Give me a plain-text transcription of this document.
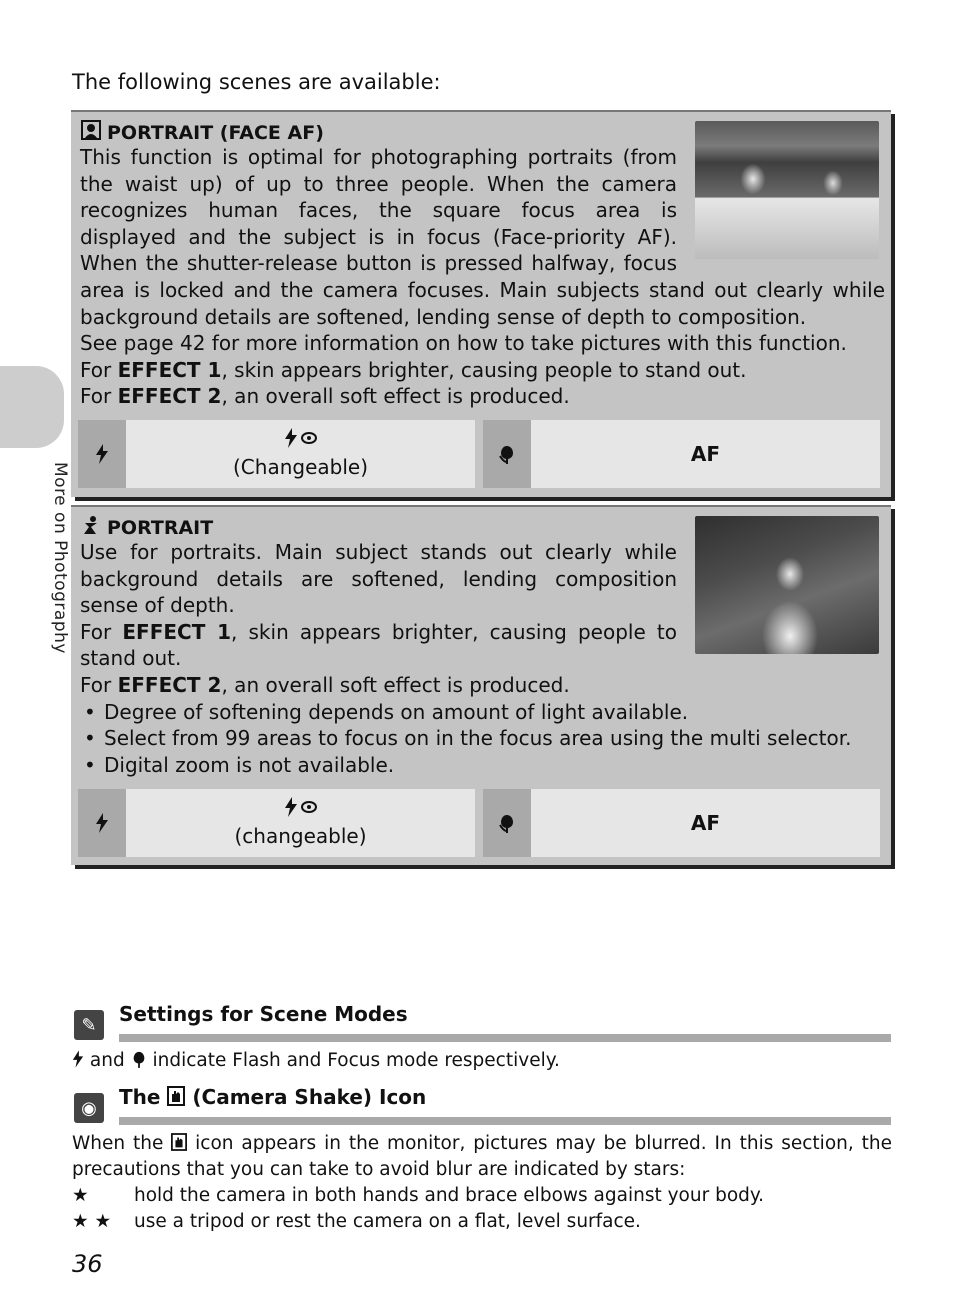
The following scenes are available:
More on Photography
PORTRAIT (FACE AF)

This function is optimal for photographing portraits (from the waist up) of up to three people. When the camera recognizes human faces, the square focus area is displayed and the subject is in focus (Face-priority AF). When the shutter-release button is pressed halfway, focus area is locked and the camera focuses. Main subjects stand out clearly while background details are softened, lending sense of depth to composition.

See page 42 for more information on how to take pictures with this function.

For EFFECT 1, skin appears brighter, causing people to stand out.

For EFFECT 2, an overall soft effect is produced.

(Changeable)
AF
PORTRAIT

Use for portraits. Main subject stands out clearly while background details are softened, lending composition sense of depth.

For EFFECT 1, skin appears brighter, causing people to stand out.

For EFFECT 2, an overall soft effect is produced.

• Degree of softening depends on amount of light available.
• Select from 99 areas to focus on in the focus area using the multi selector.
• Digital zoom is not available.
(changeable)
AF
✎	Settings for Scene Modes

and  indicate Flash and Focus mode respectively.

◉	The  (Camera Shake) Icon

When the  icon appears in the monitor, pictures may be blurred. In this section, the precautions that you can take to avoid blur are indicated by stars:

★	hold the camera in both hands and brace elbows against your body.
★ ★	use a tripod or rest the camera on a flat, level surface.
36
